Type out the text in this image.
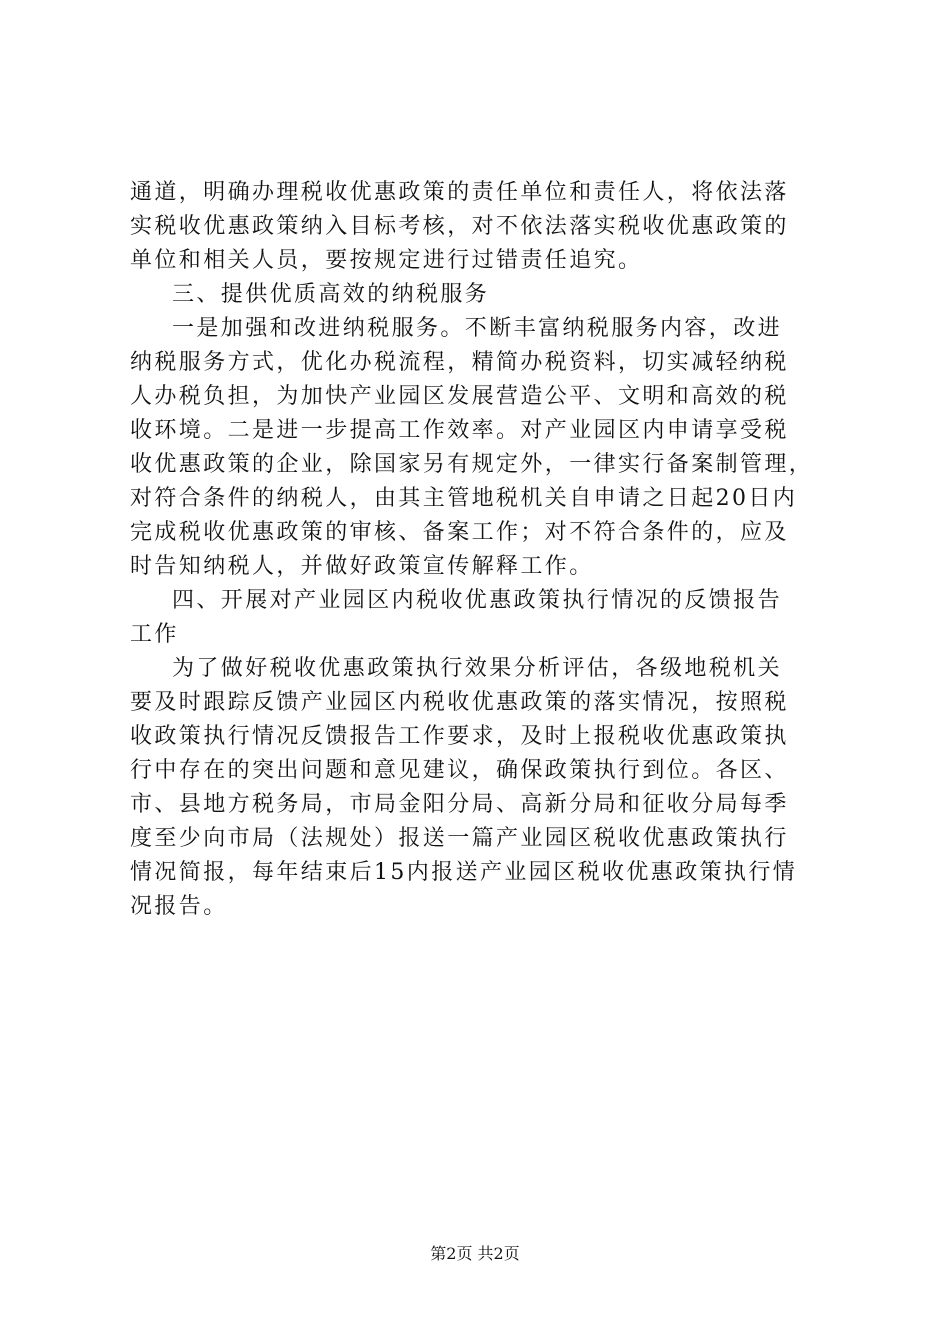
通道，明确办理税收优惠政策的责任单位和责任人，将依法落
实税收优惠政策纳入目标考核，对不依法落实税收优惠政策的
单位和相关人员，要按规定进行过错责任追究。
三、提供优质高效的纳税服务
一是加强和改进纳税服务。不断丰富纳税服务内容，改进
纳税服务方式，优化办税流程，精简办税资料，切实减轻纳税
人办税负担，为加快产业园区发展营造公平、文明和高效的税
收环境。二是进一步提高工作效率。对产业园区内申请享受税
收优惠政策的企业，除国家另有规定外，一律实行备案制管理，
对符合条件的纳税人，由其主管地税机关自申请之日起20日内
完成税收优惠政策的审核、备案工作；对不符合条件的，应及
时告知纳税人，并做好政策宣传解释工作。
四、开展对产业园区内税收优惠政策执行情况的反馈报告
工作
为了做好税收优惠政策执行效果分析评估，各级地税机关
要及时跟踪反馈产业园区内税收优惠政策的落实情况，按照税
收政策执行情况反馈报告工作要求，及时上报税收优惠政策执
行中存在的突出问题和意见建议，确保政策执行到位。各区、
市、县地方税务局，市局金阳分局、高新分局和征收分局每季
度至少向市局（法规处）报送一篇产业园区税收优惠政策执行
情况简报，每年结束后15内报送产业园区税收优惠政策执行情
况报告。
第2页 共2页
